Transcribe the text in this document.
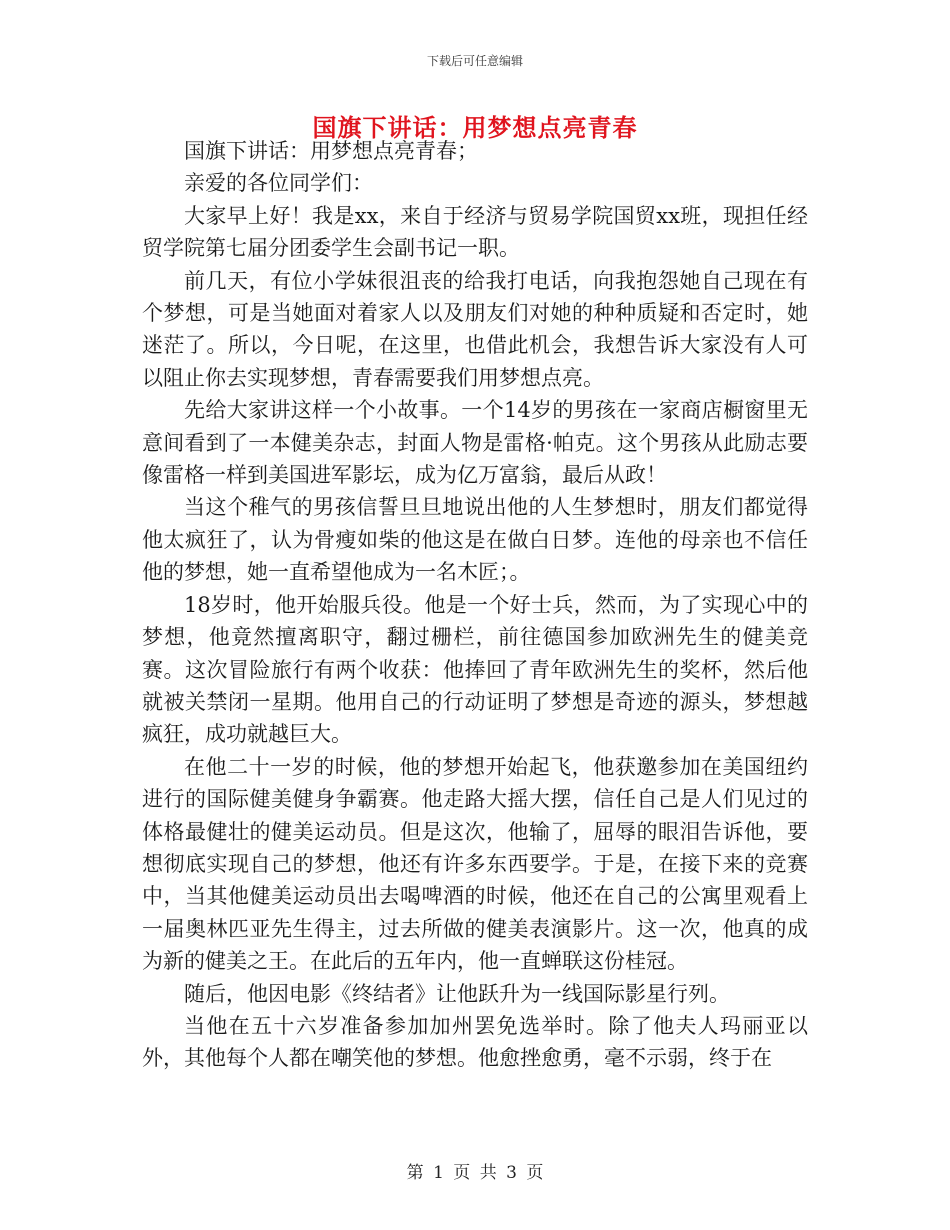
下载后可任意编辑
国旗下讲话：用梦想点亮青春

国旗下讲话：用梦想点亮青春；

亲爱的各位同学们：

大家早上好！我是xx，来自于经济与贸易学院国贸xx班，现担任经贸学院第七届分团委学生会副书记一职。

前几天，有位小学妹很沮丧的给我打电话，向我抱怨她自己现在有个梦想，可是当她面对着家人以及朋友们对她的种种质疑和否定时，她迷茫了。所以，今日呢，在这里，也借此机会，我想告诉大家没有人可以阻止你去实现梦想，青春需要我们用梦想点亮。

先给大家讲这样一个小故事。一个14岁的男孩在一家商店橱窗里无意间看到了一本健美杂志，封面人物是雷格·帕克。这个男孩从此励志要像雷格一样到美国进军影坛，成为亿万富翁，最后从政！

当这个稚气的男孩信誓旦旦地说出他的人生梦想时，朋友们都觉得他太疯狂了，认为骨瘦如柴的他这是在做白日梦。连他的母亲也不信任他的梦想，她一直希望他成为一名木匠；。

18岁时，他开始服兵役。他是一个好士兵，然而，为了实现心中的梦想，他竟然擅离职守，翻过栅栏，前往德国参加欧洲先生的健美竞赛。这次冒险旅行有两个收获：他捧回了青年欧洲先生的奖杯，然后他就被关禁闭一星期。他用自己的行动证明了梦想是奇迹的源头，梦想越疯狂，成功就越巨大。

在他二十一岁的时候，他的梦想开始起飞，他获邀参加在美国纽约进行的国际健美健身争霸赛。他走路大摇大摆，信任自己是人们见过的体格最健壮的健美运动员。但是这次，他输了，屈辱的眼泪告诉他，要想彻底实现自己的梦想，他还有许多东西要学。于是，在接下来的竞赛中，当其他健美运动员出去喝啤酒的时候，他还在自己的公寓里观看上一届奥林匹亚先生得主，过去所做的健美表演影片。这一次，他真的成为新的健美之王。在此后的五年内，他一直蝉联这份桂冠。

随后，他因电影《终结者》让他跃升为一线国际影星行列。

当他在五十六岁准备参加加州罢免选举时。除了他夫人玛丽亚以外，其他每个人都在嘲笑他的梦想。他愈挫愈勇，毫不示弱，终于在

第 1 页 共 3 页
